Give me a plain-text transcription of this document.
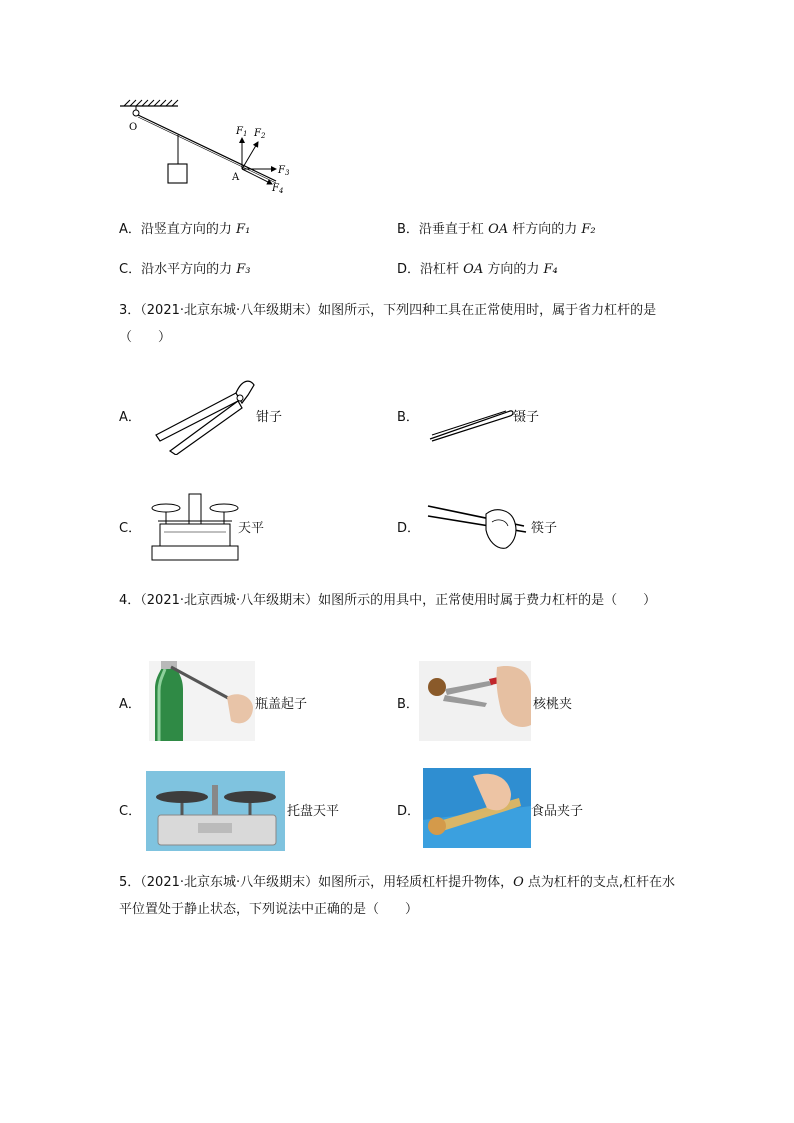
O
A
$F_1$ $F_2$
$F_3$
$F_4$
A．沿竖直方向的力 F₁	B．沿垂直于杠 OA 杆方向的力 F₂
C．沿水平方向的力 F₃	D．沿杠杆 OA 方向的力 F₄
3．（2021·北京东城·八年级期末）如图所示，下列四种工具在正常使用时，属于省力杠杆的是（　　）
A．	钳子	B．	镊子
C．	天平	D．	筷子
4．（2021·北京西城·八年级期末）如图所示的用具中，正常使用时属于费力杠杆的是（　　）
A．	瓶盖起子	B．	核桃夹
C．	托盘天平	D．	食品夹子
5．（2021·北京东城·八年级期末）如图所示，用轻质杠杆提升物体，O 点为杠杆的支点,杠杆在水平位置处于静止状态，下列说法中正确的是（　　）
